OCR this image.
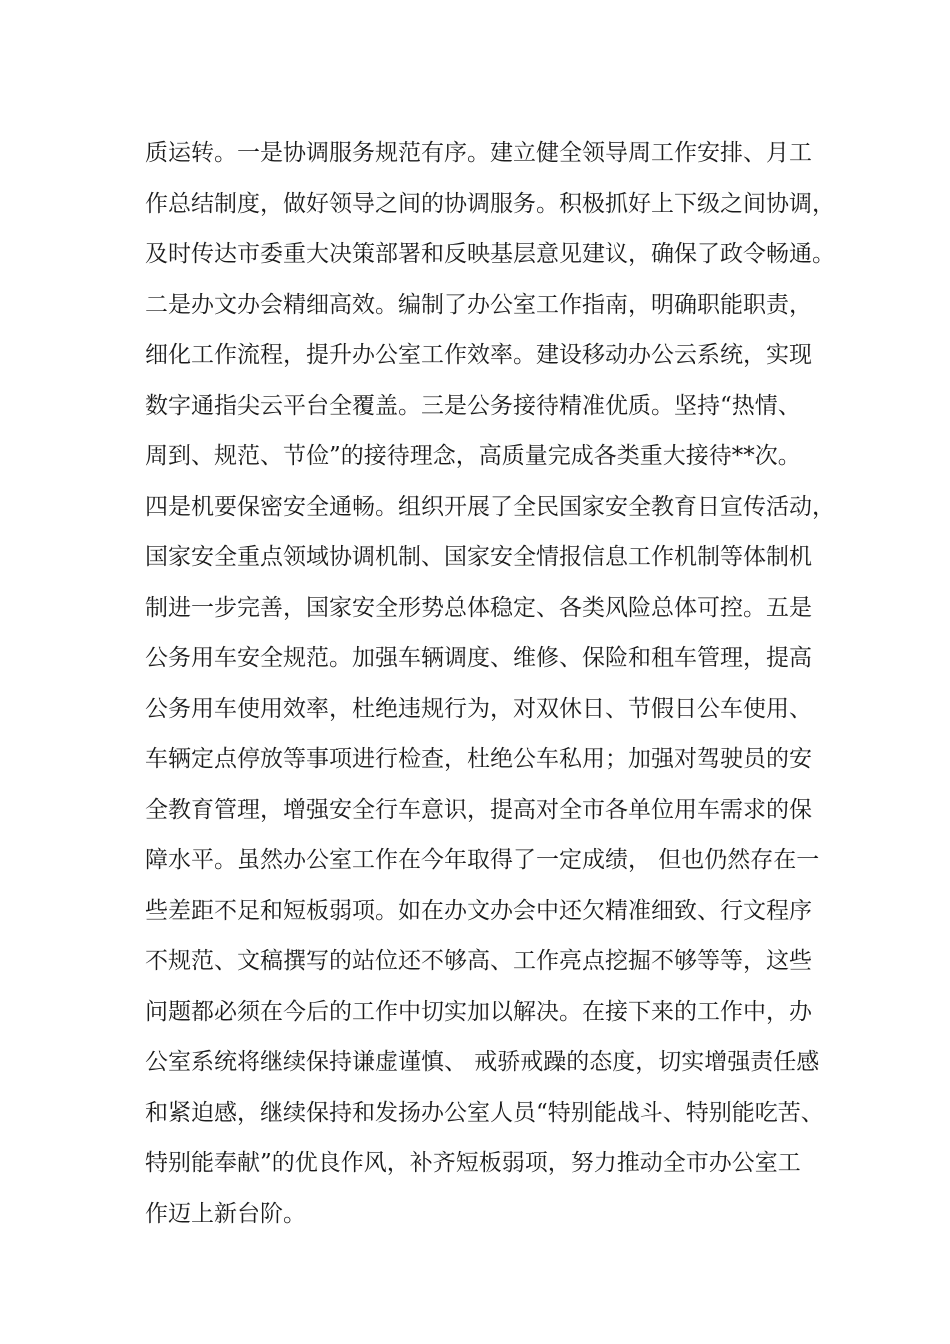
质运转。一是协调服务规范有序。建立健全领导周工作安排、月工
作总结制度，做好领导之间的协调服务。积极抓好上下级之间协调，
及时传达市委重大决策部署和反映基层意见建议，确保了政令畅通。
二是办文办会精细高效。编制了办公室工作指南，明确职能职责，
细化工作流程，提升办公室工作效率。建设移动办公云系统，实现
数字通指尖云平台全覆盖。三是公务接待精准优质。坚持“热情、
周到、规范、节俭”的接待理念，高质量完成各类重大接待**次。
四是机要保密安全通畅。组织开展了全民国家安全教育日宣传活动，
国家安全重点领域协调机制、国家安全情报信息工作机制等体制机
制进一步完善，国家安全形势总体稳定、各类风险总体可控。五是
公务用车安全规范。加强车辆调度、维修、保险和租车管理，提高
公务用车使用效率，杜绝违规行为，对双休日、节假日公车使用、
车辆定点停放等事项进行检查，杜绝公车私用；加强对驾驶员的安
全教育管理，增强安全行车意识，提高对全市各单位用车需求的保
障水平。虽然办公室工作在今年取得了一定成绩， 但也仍然存在一
些差距不足和短板弱项。如在办文办会中还欠精准细致、行文程序
不规范、文稿撰写的站位还不够高、工作亮点挖掘不够等等，这些
问题都必须在今后的工作中切实加以解决。在接下来的工作中，办
公室系统将继续保持谦虚谨慎、 戒骄戒躁的态度，切实增强责任感
和紧迫感，继续保持和发扬办公室人员“特别能战斗、特别能吃苦、
特别能奉献”的优良作风，补齐短板弱项，努力推动全市办公室工
作迈上新台阶。
